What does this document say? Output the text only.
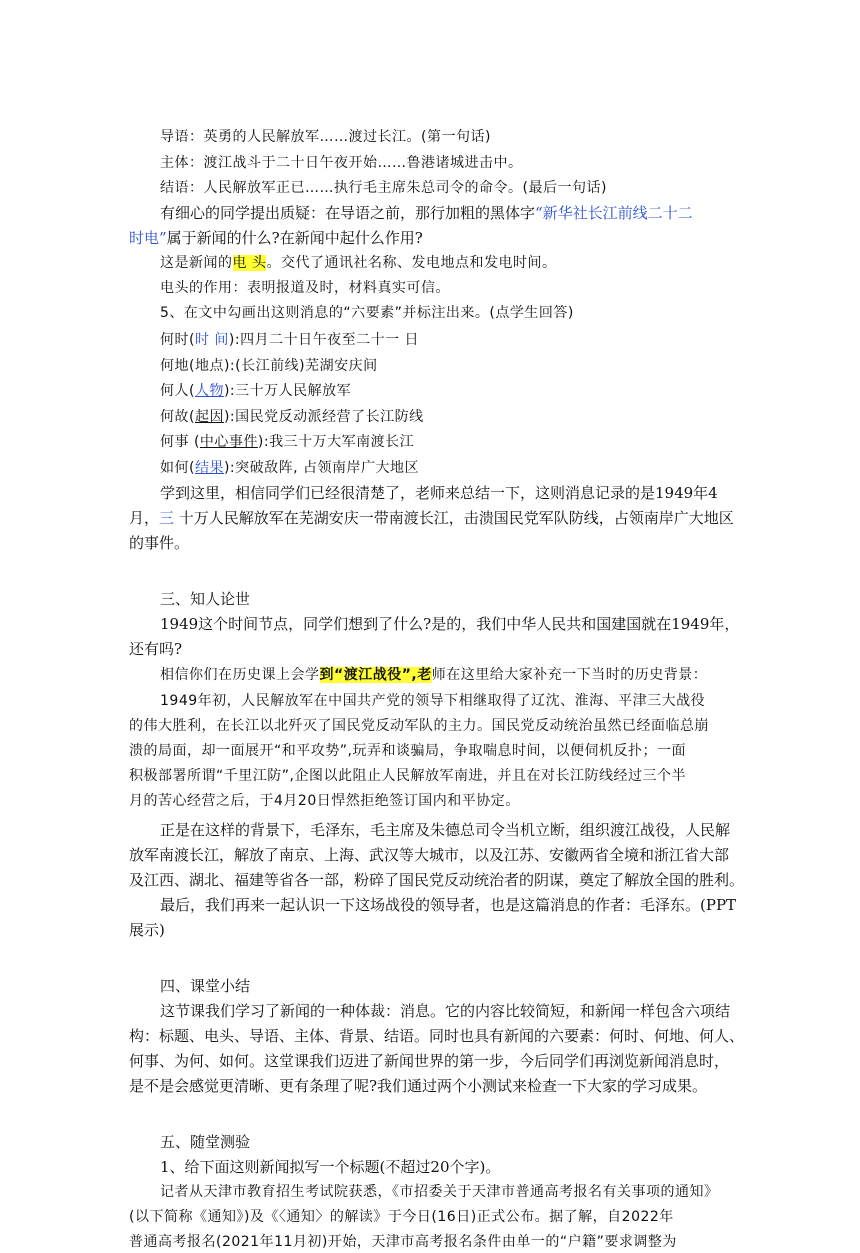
导语：英勇的人民解放军……渡过长江。(第一句话)
主体：渡江战斗于二十日午夜开始……鲁港诸城进击中。
结语：人民解放军正已……执行毛主席朱总司令的命令。(最后一句话)
有细心的同学提出质疑：在导语之前，那行加粗的黑体字“新华社长江前线二十二
时电”属于新闻的什么?在新闻中起什么作用?
这是新闻的电 头。交代了通讯社名称、发电地点和发电时间。
电头的作用：表明报道及时，材料真实可信。
5、在文中勾画出这则消息的“六要素”并标注出来。(点学生回答)
何时(时 间):四月二十日午夜至二十一 日
何地(地点):(长江前线)芜湖安庆间
何人(人物):三十万人民解放军
何故(起因):国民党反动派经营了长江防线
何事 (中心事件):我三十万大军南渡长江
如何(结果):突破敌阵, 占领南岸广大地区
学到这里，相信同学们已经很清楚了，老师来总结一下，这则消息记录的是1949年4
月，三 十万人民解放军在芜湖安庆一带南渡长江，击溃国民党军队防线，占领南岸广大地区
的事件。
三、知人论世
1949这个时间节点，同学们想到了什么?是的，我们中华人民共和国建国就在1949年，
还有吗?
相信你们在历史课上会学到“渡江战役”,老师在这里给大家补充一下当时的历史背景：
1949年初，人民解放军在中国共产党的领导下相继取得了辽沈、淮海、平津三大战役
的伟大胜利，在长江以北歼灭了国民党反动军队的主力。国民党反动统治虽然已经面临总崩
溃的局面，却一面展开“和平攻势”,玩弄和谈骗局，争取喘息时间，以便伺机反扑；一面
积极部署所谓“千里江防”,企图以此阻止人民解放军南进，并且在对长江防线经过三个半
月的苦心经营之后，于4月20日悍然拒绝签订国内和平协定。
正是在这样的背景下，毛泽东，毛主席及朱德总司令当机立断，组织渡江战役，人民解
放军南渡长江，解放了南京、上海、武汉等大城市，以及江苏、安徽两省全境和浙江省大部
及江西、湖北、福建等省各一部，粉碎了国民党反动统治者的阴谋，奠定了解放全国的胜利。
最后，我们再来一起认识一下这场战役的领导者，也是这篇消息的作者：毛泽东。(PPT
展示)
四、课堂小结
这节课我们学习了新闻的一种体裁：消息。它的内容比较简短，和新闻一样包含六项结
构：标题、电头、导语、主体、背景、结语。同时也具有新闻的六要素：何时、何地、何人、
何事、为何、如何。这堂课我们迈进了新闻世界的第一步，今后同学们再浏览新闻消息时，
是不是会感觉更清晰、更有条理了呢?我们通过两个小测试来检查一下大家的学习成果。
五、随堂测验
1、给下面这则新闻拟写一个标题(不超过20个字)。
记者从天津市教育招生考试院获悉，《市招委关于天津市普通高考报名有关事项的通知》
(以下简称《通知》)及《〈通知〉的解读》于今日(16日)正式公布。据了解，自2022年
普通高考报名(2021年11月初)开始，天津市高考报名条件由单一的“户籍”要求调整为
